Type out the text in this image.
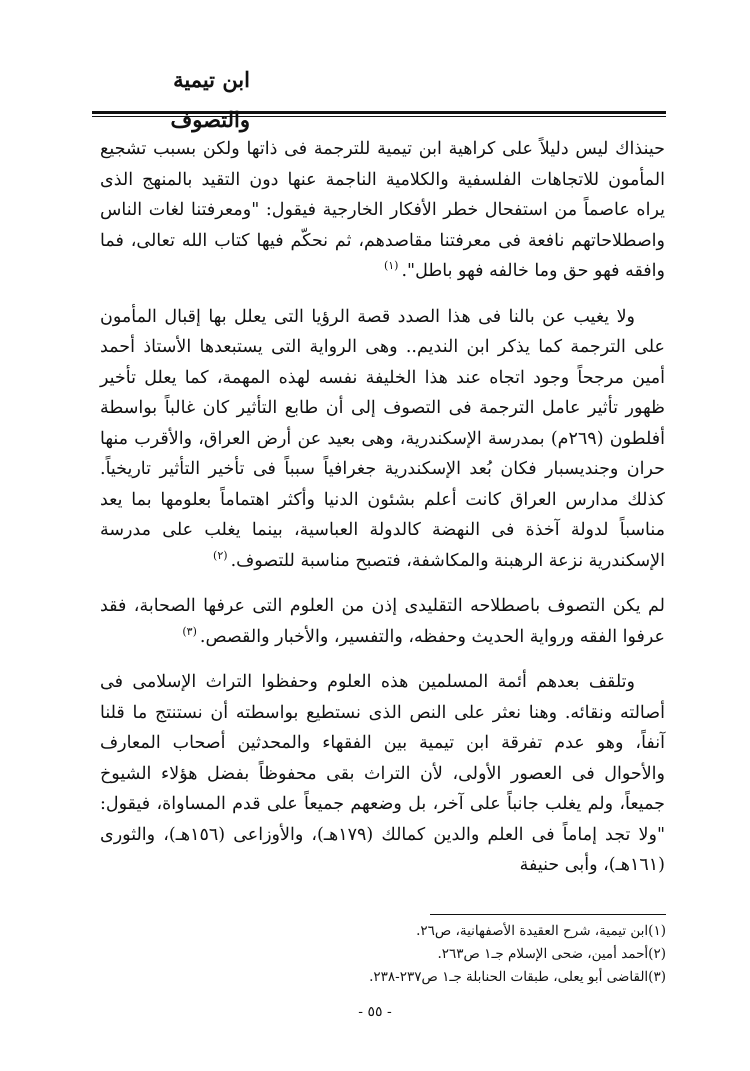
ابن تيمية والتصوف

حينذاك ليس دليلاً على كراهية ابن تيمية للترجمة فى ذاتها ولكن بسبب تشجيع المأمون للاتجاهات الفلسفية والكلامية الناجمة عنها دون التقيد بالمنهج الذى يراه عاصماً من استفحال خطر الأفكار الخارجية فيقول: "ومعرفتنا لغات الناس واصطلاحاتهم نافعة فى معرفتنا مقاصدهم، ثم نحكّم فيها كتاب الله تعالى، فما وافقه فهو حق وما خالفه فهو باطل".$^{(١)}$

ولا يغيب عن بالنا فى هذا الصدد قصة الرؤيا التى يعلل بها إقبال المأمون على الترجمة كما يذكر ابن النديم.. وهى الرواية التى يستبعدها الأستاذ أحمد أمين مرجحاً وجود اتجاه عند هذا الخليفة نفسه لهذه المهمة، كما يعلل تأخير ظهور تأثير عامل الترجمة فى التصوف إلى أن طابع التأثير كان غالباً بواسطة أفلطون (٢٦٩م) بمدرسة الإسكندرية، وهى بعيد عن أرض العراق، والأقرب منها حران وجنديسبار فكان بُعد الإسكندرية جغرافياً سبباً فى تأخير التأثير تاريخياً. كذلك مدارس العراق كانت أعلم بشئون الدنيا وأكثر اهتماماً بعلومها بما يعد مناسباً لدولة آخذة فى النهضة كالدولة العباسية، بينما يغلب على مدرسة الإسكندرية نزعة الرهبنة والمكاشفة، فتصبح مناسبة للتصوف.$^{(٢)}$

لم يكن التصوف باصطلاحه التقليدى إذن من العلوم التى عرفها الصحابة، فقد عرفوا الفقه ورواية الحديث وحفظه، والتفسير، والأخبار والقصص.$^{(٣)}$

وتلقف بعدهم أئمة المسلمين هذه العلوم وحفظوا التراث الإسلامى فى أصالته ونقائه. وهنا نعثر على النص الذى نستطيع بواسطته أن نستنتج ما قلنا آنفاً، وهو عدم تفرقة ابن تيمية بين الفقهاء والمحدثين أصحاب المعارف والأحوال فى العصور الأولى، لأن التراث بقى محفوظاً بفضل هؤلاء الشيوخ جميعاً، ولم يغلب جانباً على آخر، بل وضعهم جميعاً على قدم المساواة، فيقول: "ولا تجد إماماً فى العلم والدين كمالك (١٧٩هـ)، والأوزاعى (١٥٦هـ)، والثورى (١٦١هـ)، وأبى حنيفة

(١)ابن تيمية، شرح العقيدة الأصفهانية، ص٢٦.
(٢)أحمد أمين، ضحى الإسلام جـ١ ص٢٦٣.
(٣)القاضى أبو يعلى، طبقات الحنابلة جـ١ ص٢٣٧-٢٣٨.
- ٥٥ -
